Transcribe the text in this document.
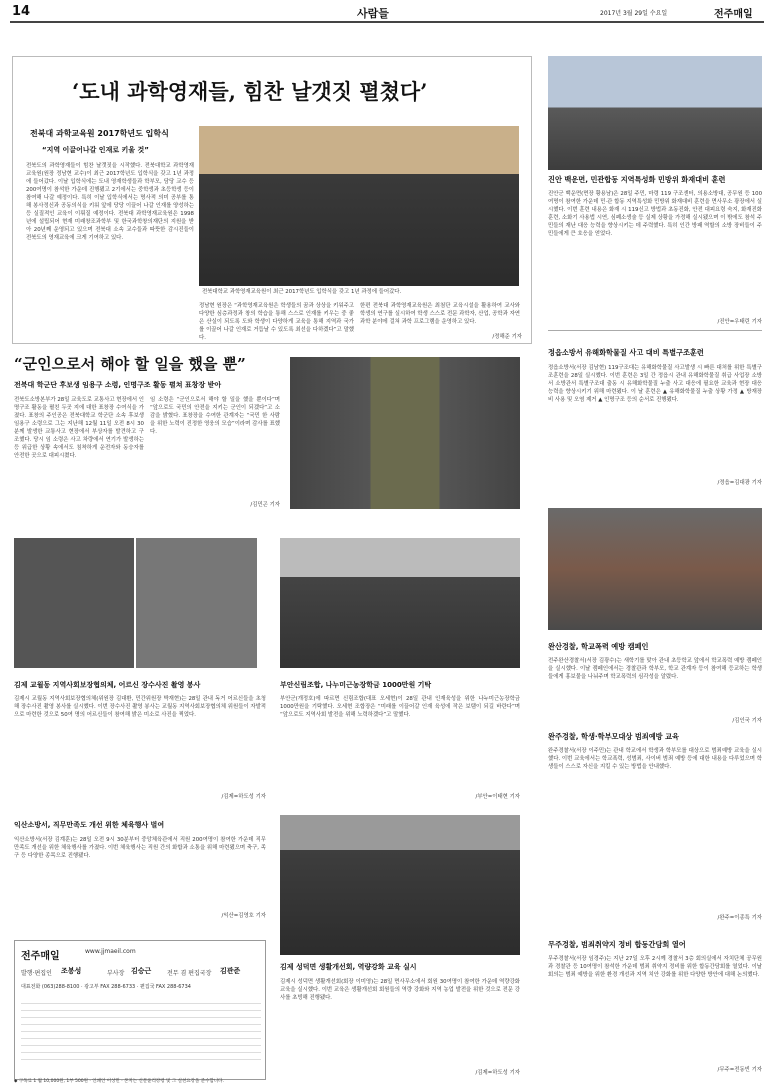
14	사람들	2017년 3월 29일 수요일	전주매일
‘도내 과학영재들, 힘찬 날갯짓 펼쳤다’
전북대 과학교육원 2017학년도 입학식
“지역 이끌어나갈 인재로 키울 것”
전북도의 과학영재들이 힘찬 날갯짓을 시작했다. 전북대학교 과학영재교육원(원장 정남현 교수)이 최근 2017학년도 입학식을 갖고 1년 과정에 들어갔다. 이날 입학식에는 도내 영재학생들과 학부모, 담당 교수 등 200여명이 참석한 가운데 진행됐고 2기에서는 중학생과 초등학생 등이 참여해 나갈 예정이다. 특히 이날 입학식에서는 명사적 의미 공부를 통해 봉사정신과 공동의식을 키워 앞에 당당 이끌어 나갈 인재를 양성하는 등 실질적인 교육이 이뤄질 예정이다. 전북대 과학영재교육원은 1998년에 설립되어 현재 미래창조과학부 및 한국과학창의재단의 지원을 받아 20년째 운영되고 있으며 전북대 소속 교수들과 따뜻한 감시진들이 전북도의 영재교육에 크게 기여하고 있다.
전북대학교 과학영재교육원이 최근 2017학년도 입학식을 갖고 1년 과정에 들어갔다.
정남현 원장은 “과학영재교육원은 학생들의 꿈과 상상을 키워주고 다양한 심층과정과 창의 학습을 통해 스스로 인재를 키우는 중 좋은 산실이 되도록 도와 학생이 다양하게 교육을 통해 지역과 국가를 이끌어 나갈 인재로 거듭날 수 있도록 최선을 다하겠다”고 말했다.
한편 전북대 과학영재교육원은 최첨단 교육시설을 활용하여 교사와 학생의 연구를 실시하여 학생 스스로 전문 과학자, 산업, 공학과 자연과학 분야에 걸쳐 과학 프로그램을 운영하고 있다.
/정해준 기자
진안 백운면, 민관합동 지역특성화 민방위 화재대비 훈련
진안군 백운면(면장 황용남)은 28일 주민, 마령 119 구조센터, 의용소방대, 공무원 등 100여명이 참여한 가운데 민·관 합동 지역특성화 민방위 화재대비 훈련을 면사무소 광장에서 실시했다. 이번 훈련 내용은 화재 시 119신고 방법과 초동진화, 안전 대피요령 숙지, 화재진화훈련, 소화기 사용법 시연, 심폐소생술 등 실제 상황을 가정해 실시됐으며 이 밖에도 참석 주민들의 재난 대응 능력을 향상시키는 데 주력했다. 특히 인간 방패 역할의 소방 장비들이 주민들에게 큰 호응을 얻었다.
/진안=우태린 기자
정읍소방서 유해화학물질 사고 대비 특별구조훈련
정읍소방서(서장 김남현) 119구조대는 유해화학물질 사고발생 시 빠른 대처를 위한 특별구조훈련을 28일 실시했다. 이번 훈련은 3일 간 정읍시 관내 유해화학물질 취급 사업장 소방서 소방관서 특별구조대 출동 시 유해화학물질 누출 사고 대응에 필요한 교육과 현장 대응 능력을 향상시키기 위해 마련됐다. 이 날 훈련은 ▲ 유해화학물질 누출 상황 가정 ▲ 방재장비 사용 및 오염 제거 ▲ 인명구조 등의 순서로 진행됐다.
/정읍=김대광 기자
“군인으로서 해야 할 일을 했을 뿐”
전북대 학군단 후보생 임용구 소령, 인명구조 활동 펼쳐 표창장 받아
전북도소방본부가 28일 교육도로 교통사고 현장에서 인명구조 활동을 펼친 두곳 지에 대한 표창장 수여식을 가졌다. 표창의 주인공은 전북대학교 학군단 소속 후보생 임용구 소령으로 그는 지난해 12월 11일 오전 8시 30분께 발생한 교통사고 현장에서 부상자를 발견하고 구조했다. 당시 임 소령은 사고 차량에서 연기가 발생하는 등 위급한 상황 속에서도 침착하게 운전자와 동승자를 안전한 곳으로 대피시켰다.
임 소령은 “군인으로서 해야 할 일을 했을 뿐이다”며 “앞으로도 국민의 안전을 지키는 군인이 되겠다”고 소감을 밝혔다. 표창장을 수여한 관계자는 “국민 한 사람을 위한 노력이 진정한 영웅의 모습”이라며 감사를 표했다.
/김민곤 기자
김제 교월동 지역사회보장협의체, 어르신 장수사진 촬영 봉사
김제시 교월동 지역사회보장협의체(위원장 김대환, 민간위원장 박재현)는 28일 관내 독거 어르신들을 초청해 장수사진 촬영 봉사를 실시했다. 이번 장수사진 촬영 봉사는 교월동 지역사회보장협의체 위원들이 자발적으로 마련한 것으로 50여 명의 어르신들이 참여해 밝은 미소로 사진을 찍었다.
/김제=하도성 기자
부안신림조합, 나누미근농장학금 1000만원 기탁
부안군(개정호)에 따르면 신림조합(대표 오세현)이 28일 관내 인재육성을 위한 나누미근농장학금 1000만원을 기탁했다. 오세현 조합장은 “미래를 이끌어갈 인재 육성에 작은 보탬이 되길 바란다”며 “앞으로도 지역사회 발전을 위해 노력하겠다”고 말했다.
/부안=이태현 기자
완산경찰, 학교폭력 예방 캠페인
전주완산경찰서(서장 김광수)는 새학기를 맞아 관내 초등학교 앞에서 학교폭력 예방 캠페인을 실시했다. 이날 캠페인에서는 경찰관과 학부모, 학교 관계자 등이 참여해 등교하는 학생들에게 홍보물을 나눠주며 학교폭력의 심각성을 알렸다.
/김인국 기자
완주경찰, 학생·학부모대상 범죄예방 교육
완주경찰서(서장 이주민)는 관내 학교에서 학생과 학부모를 대상으로 범죄예방 교육을 실시했다. 이번 교육에서는 학교폭력, 성범죄, 사이버 범죄 예방 등에 대한 내용을 다루었으며 학생들이 스스로 자신을 지킬 수 있는 방법을 안내했다.
/완주=이종특 기자
익산소방서, 직무만족도 개선 위한 체육행사 벌여
익산소방서(서장 김계훈)는 28일 오전 9시 30분부터 중앙체육관에서 직원 200여명이 참여한 가운데 직무만족도 개선을 위한 체육행사를 가졌다. 이번 체육행사는 직원 간의 화합과 소통을 위해 마련됐으며 축구, 족구 등 다양한 종목으로 진행됐다.
/익산=김영호 기자
김제 성덕면 생활개선회, 역량강화 교육 실시
김제시 성덕면 생활개선회(회장 이미영)는 28일 면사무소에서 회원 30여명이 참여한 가운데 역량강화 교육을 실시했다. 이번 교육은 생활개선회 회원들의 역량 강화와 지역 농업 발전을 위한 것으로 전문 강사를 초빙해 진행됐다.
/김제=하도성 기자
무주경찰, 범죄취약지 정비 합동간담회 열어
무주경찰서(서장 임경주)는 지난 27일 오후 2시께 경찰서 3층 회의실에서 자치단체 공무원과 경찰관 등 10여명이 참석한 가운데 범죄 취약지 정비를 위한 합동간담회를 열었다. 이날 회의는 범죄 예방을 위한 환경 개선과 지역 치안 강화를 위한 다양한 방안에 대해 논의했다.
/무주=전동빈 기자
전주매일	www.jjmaeil.com
발행·편집인 조봉성	부사장 김승근	전무 겸 편집국장 김관준
대표전화 (063)288-8100 · 광고부 FAX 288-6733 · 편집국 FAX 288-6734
◆ 구독료 1 월 10,000원, 1부 500원 · 인쇄인 이상민 · 본지는 신문윤리강령 및 그 실천요강을 준수합니다.
